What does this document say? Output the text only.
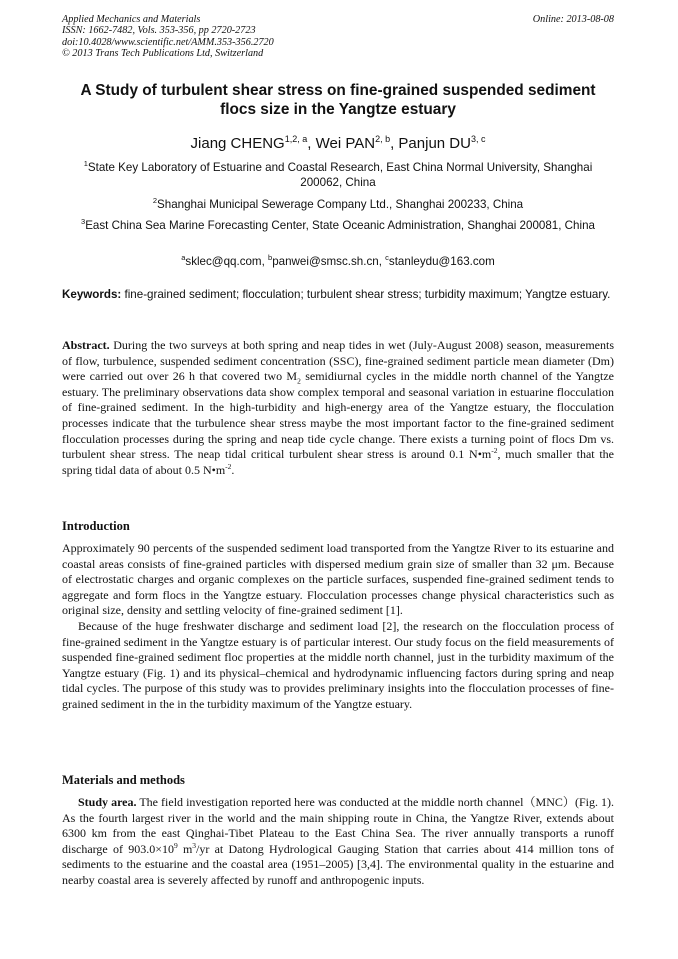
Applied Mechanics and Materials
ISSN: 1662-7482, Vols. 353-356, pp 2720-2723
doi:10.4028/www.scientific.net/AMM.353-356.2720
© 2013 Trans Tech Publications Ltd, Switzerland
Online: 2013-08-08
A Study of turbulent shear stress on fine-grained suspended sediment
flocs size in the Yangtze estuary
Jiang CHENG$^{1,2, a}$, Wei PAN$^{2, b}$, Panjun DU$^{3, c}$
$^1$State Key Laboratory of Estuarine and Coastal Research, East China Normal University, Shanghai 200062, China
$^2$Shanghai Municipal Sewerage Company Ltd., Shanghai 200233, China
$^3$East China Sea Marine Forecasting Center, State Oceanic Administration, Shanghai 200081, China
$^a$sklec@qq.com, $^b$panwei@smsc.sh.cn, $^c$stanleydu@163.com
Keywords: fine-grained sediment; flocculation; turbulent shear stress; turbidity maximum; Yangtze estuary.
Abstract. During the two surveys at both spring and neap tides in wet (July-August 2008) season, measurements of flow, turbulence, suspended sediment concentration (SSC), fine-grained sediment particle mean diameter (Dm) were carried out over 26 h that covered two $M_2$ semidiurnal cycles in the middle north channel of the Yangtze estuary. The preliminary observations data show complex temporal and seasonal variation in estuarine flocculation of fine-grained sediment. In the high-turbidity and high-energy area of the Yangtze estuary, the flocculation processes indicate that the turbulence shear stress maybe the most important factor to the fine-grained sediment flocculation processes during the spring and neap tide cycle change. There exists a turning point of flocs Dm vs. turbulent shear stress. The neap tidal critical turbulent shear stress is around 0.1 $N•m^{-2}$, much smaller that the spring tidal data of about 0.5 $N•m^{-2}$.
Introduction
Approximately 90 percents of the suspended sediment load transported from the Yangtze River to its estuarine and coastal areas consists of fine-grained particles with dispersed medium grain size of smaller than 32 μm. Because of electrostatic charges and organic complexes on the particle surfaces, suspended fine-grained sediment tends to aggregate and form flocs in the Yangtze estuary. Flocculation processes change physical characteristics such as original size, density and settling velocity of fine-grained sediment [1].
Because of the huge freshwater discharge and sediment load [2], the research on the flocculation process of fine-grained sediment in the Yangtze estuary is of particular interest. Our study focus on the field measurements of suspended fine-grained sediment floc properties at the middle north channel, just in the turbidity maximum of the Yangtze estuary (Fig. 1) and its physical–chemical and hydrodynamic influencing factors during spring and neap tidal cycles. The purpose of this study was to provides preliminary insights into the flocculation processes of fine-grained sediment in the in the turbidity maximum of the Yangtze estuary.
Materials and methods
Study area. The field investigation reported here was conducted at the middle north channel（MNC）(Fig. 1). As the fourth largest river in the world and the main shipping route in China, the Yangtze River, extends about 6300 km from the east Qinghai-Tibet Plateau to the East China Sea. The river annually transports a runoff discharge of $903.0\times 10^9$ $m^3/yr$ at Datong Hydrological Gauging Station that carries about 414 million tons of sediments to the estuarine and the coastal area (1951–2005) [3,4]. The environmental quality in the estuarine and nearby coastal area is severely affected by runoff and anthropogenic inputs.
